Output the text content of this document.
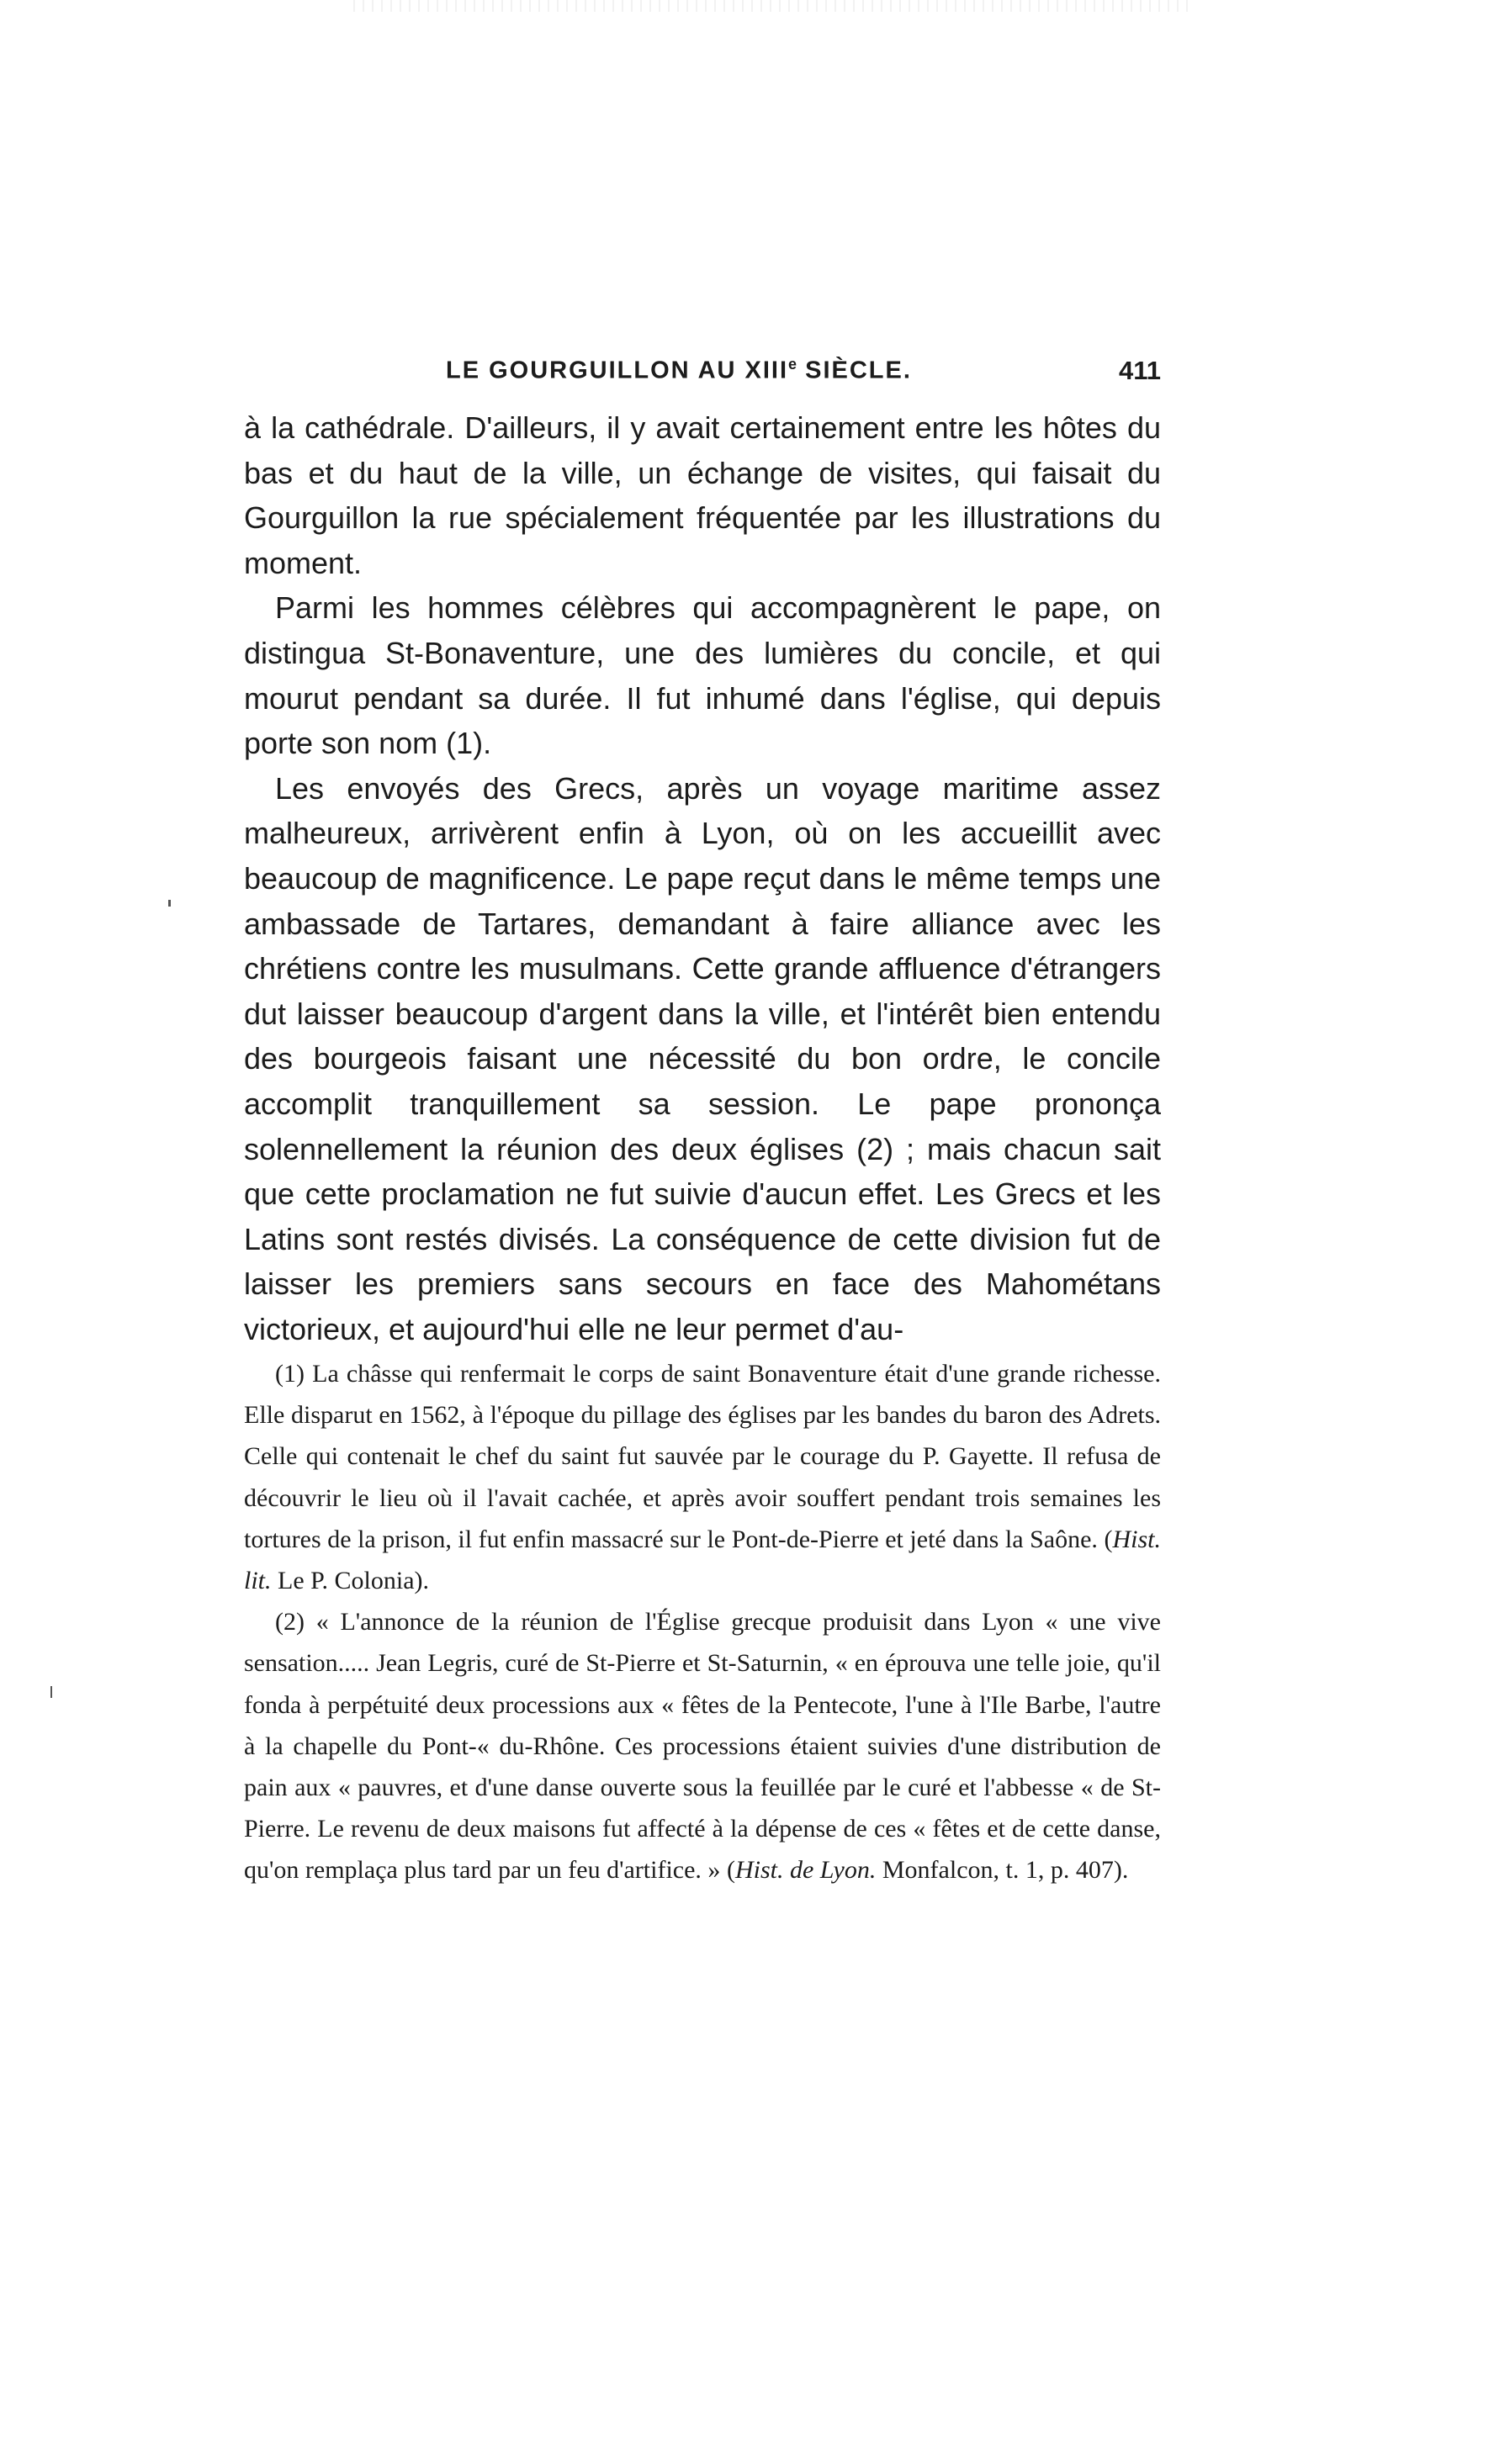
LE GOURGUILLON AU XIIIe SIÈCLE.	411

à la cathédrale. D'ailleurs, il y avait certainement entre les hôtes du bas et du haut de la ville, un échange de visites, qui faisait du Gourguillon la rue spécialement fréquentée par les illustrations du moment.

Parmi les hommes célèbres qui accompagnèrent le pape, on distingua St-Bonaventure, une des lumières du concile, et qui mourut pendant sa durée. Il fut inhumé dans l'église, qui depuis porte son nom (1).

Les envoyés des Grecs, après un voyage maritime assez malheureux, arrivèrent enfin à Lyon, où on les accueillit avec beaucoup de magnificence. Le pape reçut dans le même temps une ambassade de Tartares, demandant à faire alliance avec les chrétiens contre les musulmans. Cette grande affluence d'étrangers dut laisser beaucoup d'argent dans la ville, et l'intérêt bien entendu des bourgeois faisant une nécessité du bon ordre, le concile accomplit tranquillement sa session. Le pape prononça solennellement la réunion des deux églises (2) ; mais chacun sait que cette proclamation ne fut suivie d'aucun effet. Les Grecs et les Latins sont restés divisés. La conséquence de cette division fut de laisser les premiers sans secours en face des Mahométans victorieux, et aujourd'hui elle ne leur permet d'au-

(1) La châsse qui renfermait le corps de saint Bonaventure était d'une grande richesse. Elle disparut en 1562, à l'époque du pillage des églises par les bandes du baron des Adrets. Celle qui contenait le chef du saint fut sauvée par le courage du P. Gayette. Il refusa de découvrir le lieu où il l'avait cachée, et après avoir souffert pendant trois semaines les tortures de la prison, il fut enfin massacré sur le Pont-de-Pierre et jeté dans la Saône. (Hist. lit. Le P. Colonia).

(2) « L'annonce de la réunion de l'Église grecque produisit dans Lyon « une vive sensation..... Jean Legris, curé de St-Pierre et St-Saturnin, « en éprouva une telle joie, qu'il fonda à perpétuité deux processions aux « fêtes de la Pentecote, l'une à l'Ile Barbe, l'autre à la chapelle du Pont-« du-Rhône. Ces processions étaient suivies d'une distribution de pain aux « pauvres, et d'une danse ouverte sous la feuillée par le curé et l'abbesse « de St-Pierre. Le revenu de deux maisons fut affecté à la dépense de ces « fêtes et de cette danse, qu'on remplaça plus tard par un feu d'artifice. » (Hist. de Lyon. Monfalcon, t. 1, p. 407).
